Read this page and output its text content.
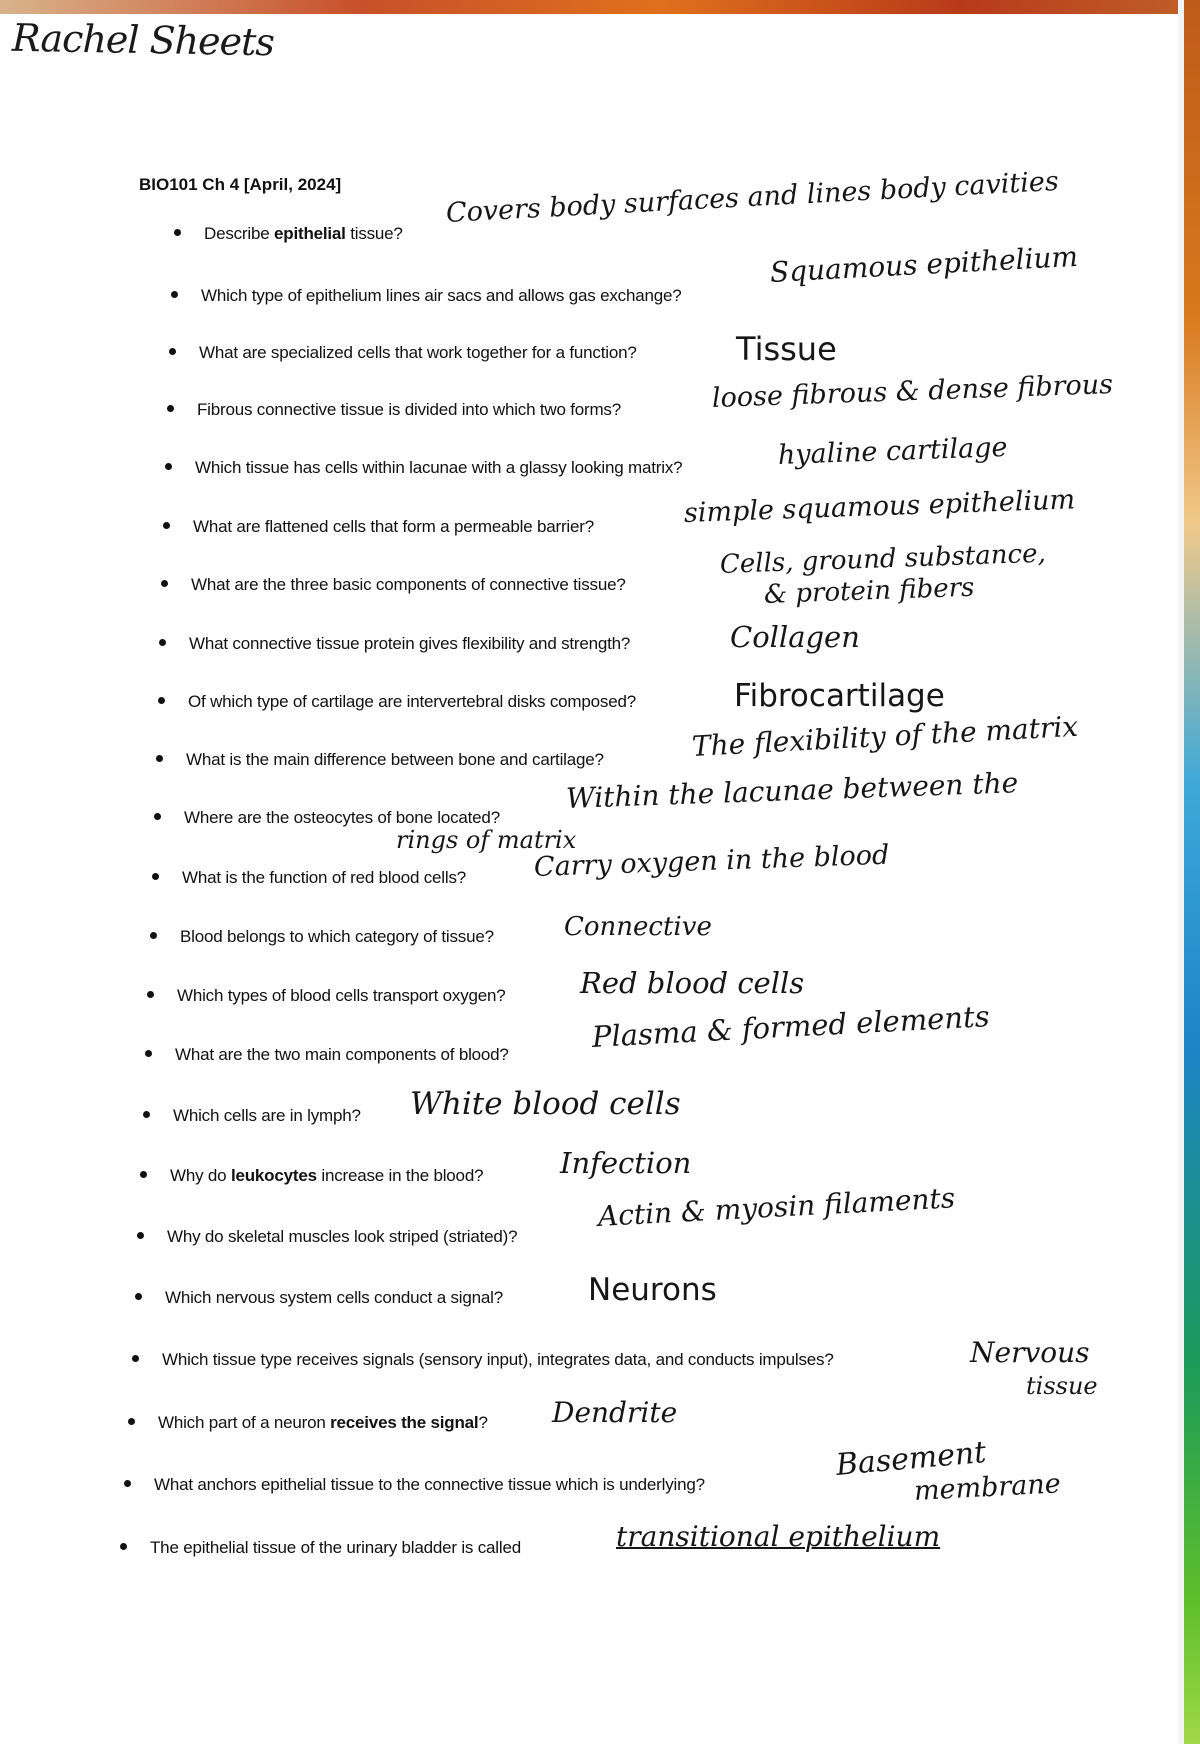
Rachel Sheets
BIO101 Ch 4 [April, 2024]
Describe epithelial tissue?
Covers body surfaces and lines body cavities
Which type of epithelium lines air sacs and allows gas exchange?
Squamous epithelium
What are specialized cells that work together for a function?	Tissue
Fibrous connective tissue is divided into which two forms?	loose fibrous & dense fibrous
Which tissue has cells within lacunae with a glassy looking matrix?	hyaline cartilage
What are flattened cells that form a permeable barrier?	simple squamous epithelium
What are the three basic components of connective tissue?
Cells, ground substance,
& protein fibers
What connective tissue protein gives flexibility and strength?	Collagen
Of which type of cartilage are intervertebral disks composed?	Fibrocartilage
What is the main difference between bone and cartilage?	The flexibility of the matrix
Where are the osteocytes of bone located?
Within the lacunae between the
rings of matrix
What is the function of red blood cells? Carry oxygen in the blood
Blood belongs to which category of tissue?	Connective
Which types of blood cells transport oxygen?	Red blood cells
What are the two main components of blood?
Plasma & formed elements
Which cells are in lymph? White blood cells
Why do leukocytes increase in the blood?	Infection
Why do skeletal muscles look striped (striated)?
Actin & myosin filaments
Which nervous system cells conduct a signal?	Neurons
Which tissue type receives signals (sensory input), integrates data, and conducts impulses?	Nervous
tissue
Which part of a neuron receives the signal? Dendrite
What anchors epithelial tissue to the connective tissue which is underlying?
Basement
membrane
The epithelial tissue of the urinary bladder is called	transitional epithelium
